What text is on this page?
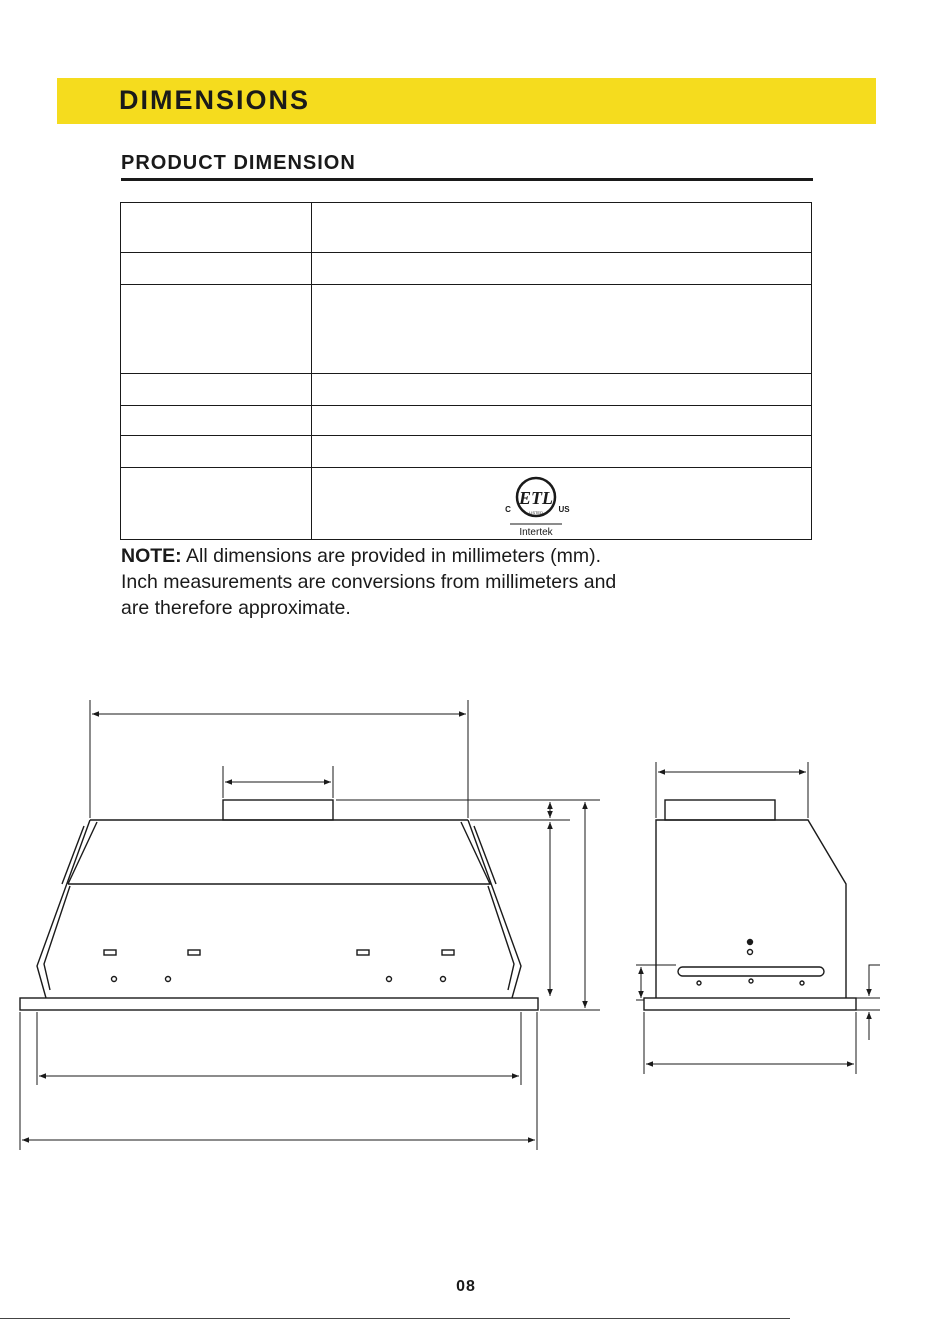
DIMENSIONS
PRODUCT DIMENSION

ETL
LISTED
C US
Intertek
NOTE: All dimensions are provided in millimeters (mm).
Inch measurements are conversions from millimeters and
are therefore approximate.
08
